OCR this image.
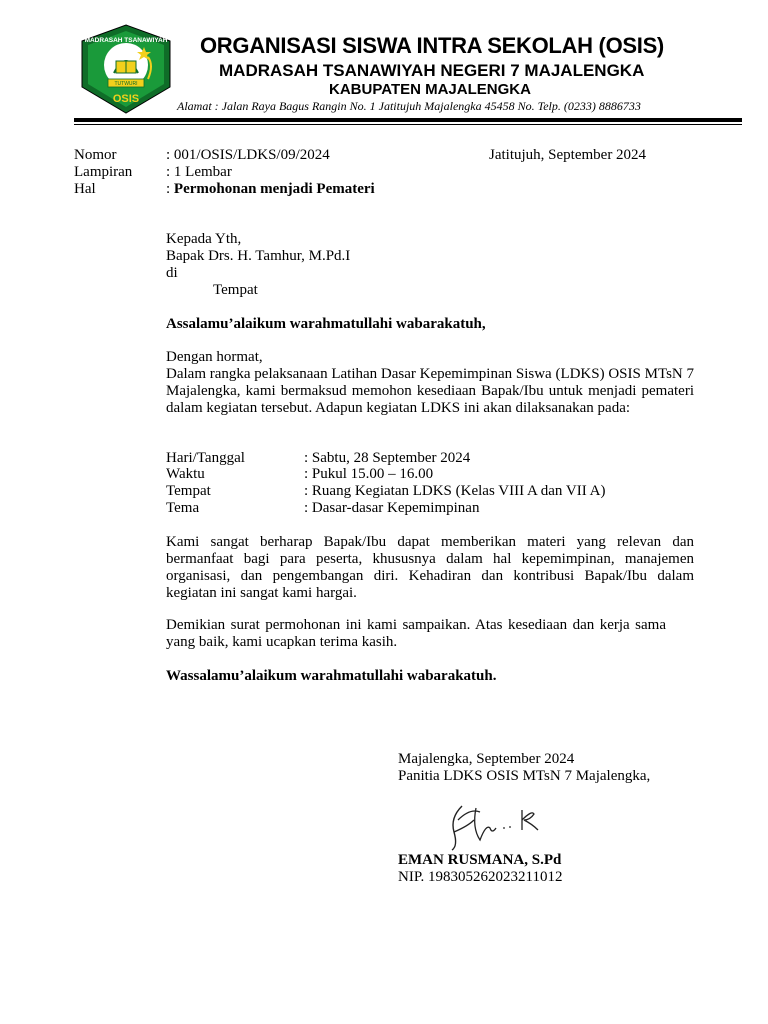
TUTWURI
OSIS
MADRASAH TSANAWIYAH ORGANISASI SISWA INTRA SEKOLAH (OSIS)
MADRASAH TSANAWIYAH NEGERI 7 MAJALENGKA
KABUPATEN MAJALENGKA
Alamat : Jalan Raya Bagus Rangin No. 1 Jatitujuh Majalengka 45458 No. Telp. (0233) 8886733
Nomor	: 001/OSIS/LDKS/09/2024	Jatitujuh, September 2024
Lampiran : 1 Lembar
Hal	: Permohonan menjadi Pemateri
Kepada Yth,
Bapak Drs. H. Tamhur, M.Pd.I
di
Tempat
Assalamu’alaikum warahmatullahi wabarakatuh,
Dengan hormat,
Dalam rangka pelaksanaan Latihan Dasar Kepemimpinan Siswa (LDKS) OSIS MTsN 7 Majalengka, kami bermaksud memohon kesediaan Bapak/Ibu untuk menjadi pemateri dalam kegiatan tersebut. Adapun kegiatan LDKS ini akan dilaksanakan pada:
Hari/Tanggal	: Sabtu, 28 September 2024
Waktu	: Pukul 15.00 – 16.00
Tempat	: Ruang Kegiatan LDKS (Kelas VIII A dan VII A)
Tema	: Dasar-dasar Kepemimpinan
Kami sangat berharap Bapak/Ibu dapat memberikan materi yang relevan dan bermanfaat bagi para peserta, khususnya dalam hal kepemimpinan, manajemen organisasi, dan pengembangan diri. Kehadiran dan kontribusi Bapak/Ibu dalam kegiatan ini sangat kami hargai.
Demikian surat permohonan ini kami sampaikan. Atas kesediaan dan kerja sama yang baik, kami ucapkan terima kasih.
Wassalamu’alaikum warahmatullahi wabarakatuh.
Majalengka, September 2024
Panitia LDKS OSIS MTsN 7 Majalengka,
EMAN RUSMANA, S.Pd
NIP. 198305262023211012
